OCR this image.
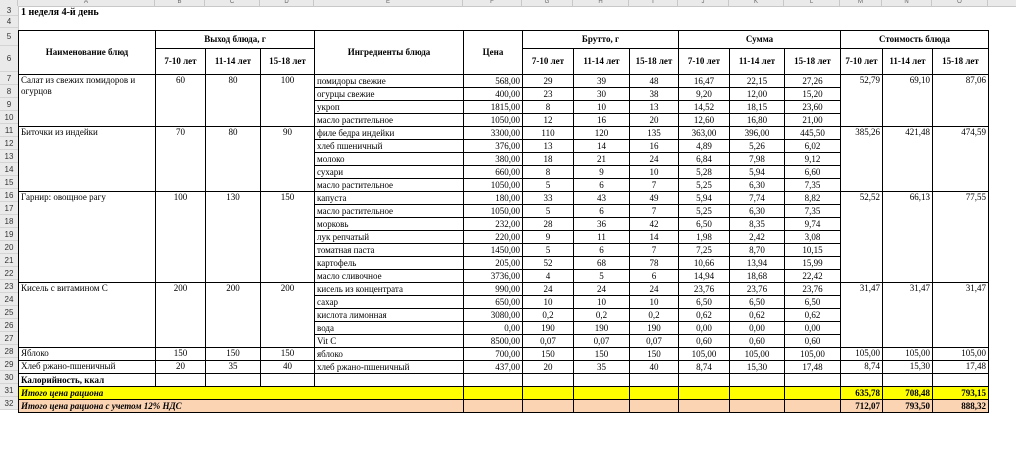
A	B	C	D	E	F	G	H	I	J	K	L	M	N	O
3
4
5
6
7
8
9
10
11
12
13
14
15
16
17
18
19
20
21
22
23
24
25
26
27
28
29
30
31
32
1 неделя 4-й день
Наименование блюд	Выход блюда, г			Ингредиенты блюда	Цена	Брутто, г			Сумма			Стоимость блюда		
	7-10 лет	11-14 лет	15-18 лет			7-10 лет	11-14 лет	15-18 лет	7-10 лет	11-14 лет	15-18 лет	7-10 лет	11-14 лет	15-18 лет
Салат из свежих помидоров и огурцов	60	80	100	помидоры свежие	568,00	29	39	48	16,47	22,15	27,26	52,79	69,10	87,06
				огурцы свежие	400,00	23	30	38	9,20	12,00	15,20			
				укроп	1815,00	8	10	13	14,52	18,15	23,60			
				масло растительное	1050,00	12	16	20	12,60	16,80	21,00			
Биточки из индейки	70	80	90	филе бедра индейки	3300,00	110	120	135	363,00	396,00	445,50	385,26	421,48	474,59
				хлеб пшеничный	376,00	13	14	16	4,89	5,26	6,02			
				молоко	380,00	18	21	24	6,84	7,98	9,12			
				сухари	660,00	8	9	10	5,28	5,94	6,60			
				масло растительное	1050,00	5	6	7	5,25	6,30	7,35			
Гарнир: овощное рагу	100	130	150	капуста	180,00	33	43	49	5,94	7,74	8,82	52,52	66,13	77,55
				масло растительное	1050,00	5	6	7	5,25	6,30	7,35			
				морковь	232,00	28	36	42	6,50	8,35	9,74			
				лук репчатый	220,00	9	11	14	1,98	2,42	3,08			
				томатная паста	1450,00	5	6	7	7,25	8,70	10,15			
				картофель	205,00	52	68	78	10,66	13,94	15,99			
				масло сливочное	3736,00	4	5	6	14,94	18,68	22,42			
Кисель с витамином С	200	200	200	кисель из концентрата	990,00	24	24	24	23,76	23,76	23,76	31,47	31,47	31,47
				сахар	650,00	10	10	10	6,50	6,50	6,50			
				кислота лимонная	3080,00	0,2	0,2	0,2	0,62	0,62	0,62			
				вода	0,00	190	190	190	0,00	0,00	0,00			
				Vit C	8500,00	0,07	0,07	0,07	0,60	0,60	0,60			
Яблоко	150	150	150	яблоко	700,00	150	150	150	105,00	105,00	105,00	105,00	105,00	105,00
Хлеб ржано-пшеничный	20	35	40	хлеб ржано-пшеничный	437,00	20	35	40	8,74	15,30	17,48	8,74	15,30	17,48
Калорийность, ккал														
Итого цена рациона												635,78	708,48	793,15
Итого цена рациона с учетом 12% НДС												712,07	793,50	888,32
